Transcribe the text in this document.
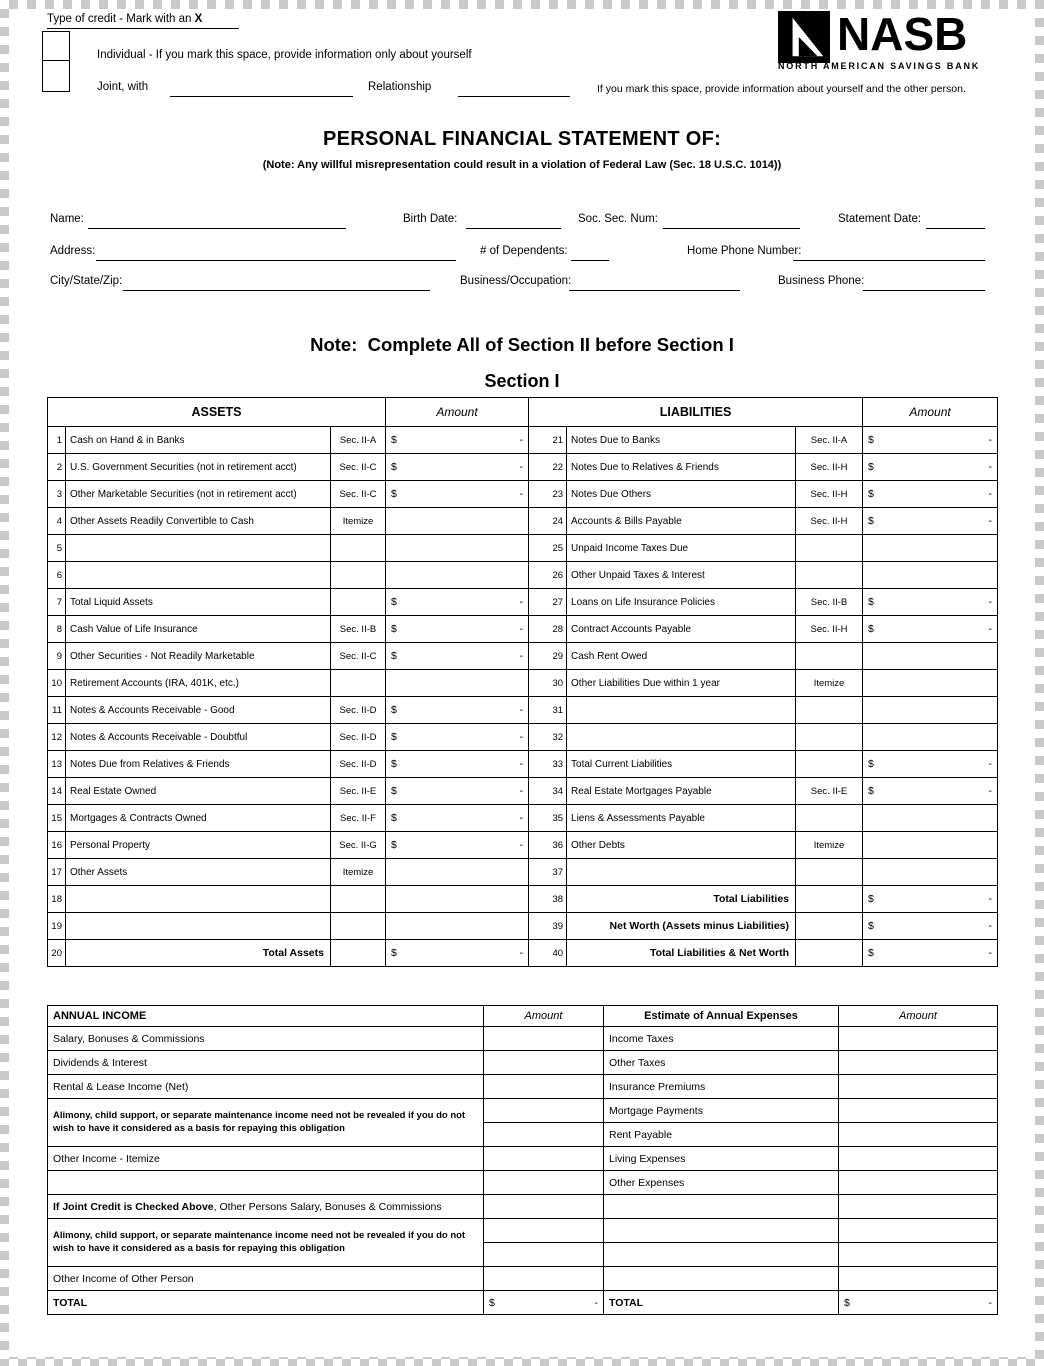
Type of credit - Mark with an X
Individual - If you mark this space, provide information only about yourself
Joint, with	Relationship	If you mark this space, provide information about yourself and the other person.
NASB
NORTH AMERICAN SAVINGS BANK
PERSONAL FINANCIAL STATEMENT OF:
(Note: Any willful misrepresentation could result in a violation of Federal Law (Sec. 18 U.S.C. 1014))
Name:	Birth Date:	Soc. Sec. Num:	Statement Date:
Address:	# of Dependents:	Home Phone Number:
City/State/Zip:	Business/Occupation:	Business Phone:
Note:  Complete All of Section II before Section I
Section I
ASSETS			Amount	LIABILITIES			Amount
1	Cash on Hand & in Banks	Sec. II-A	$ -	21	Notes Due to Banks	Sec. II-A	$ -

2	U.S. Government Securities (not in retirement acct)	Sec. II-C	$ -	22	Notes Due to Relatives & Friends	Sec. II-H	$ -

3	Other Marketable Securities (not in retirement acct)	Sec. II-C	$ -	23	Notes Due Others	Sec. II-H	$ -

4	Other Assets Readily Convertible to Cash	Itemize		24	Accounts & Bills Payable	Sec. II-H	$ -

5				25	Unpaid Income Taxes Due		
6				26	Other Unpaid Taxes & Interest		
7	Total Liquid Assets		$ -	27	Loans on Life Insurance Policies	Sec. II-B	$ -

8	Cash Value of Life Insurance	Sec. II-B	$ -	28	Contract Accounts Payable	Sec. II-H	$ -

9	Other Securities - Not Readily Marketable	Sec. II-C	$ -	29	Cash Rent Owed		
10	Retirement Accounts (IRA, 401K, etc.)			30	Other Liabilities Due within 1 year	Itemize	
11	Notes & Accounts Receivable - Good	Sec. II-D	$ -	31			
12	Notes & Accounts Receivable - Doubtful	Sec. II-D	$ -	32			
13	Notes Due from Relatives & Friends	Sec. II-D	$ -	33	Total Current Liabilities		$ -

14	Real Estate Owned	Sec. II-E	$ -	34	Real Estate Mortgages Payable	Sec. II-E	$ -

15	Mortgages & Contracts Owned	Sec. II-F	$ -	35	Liens & Assessments Payable		
16	Personal Property	Sec. II-G	$ -	36	Other Debts	Itemize	
17	Other Assets	Itemize		37			
18				38	Total Liabilities		$ -

19				39	Net Worth (Assets minus Liabilities)		$ -

20	Total Assets		$ -	40	Total Liabilities & Net Worth		$ -
ANNUAL INCOME	Amount	Estimate of Annual Expenses	Amount
Salary, Bonuses & Commissions		Income Taxes	
Dividends & Interest		Other Taxes	
Rental & Lease Income (Net)		Insurance Premiums	
Alimony, child support, or separate maintenance income need not be revealed if you do not wish to have it considered as a basis for repaying this obligation		Mortgage Payments	
		Rent Payable	
Other Income - Itemize		Living Expenses	
		Other Expenses	
If Joint Credit is Checked Above, Other Persons Salary, Bonuses & Commissions			
Alimony, child support, or separate maintenance income need not be revealed if you do not wish to have it considered as a basis for repaying this obligation			

Other Income of Other Person			
TOTAL	$ -	TOTAL	$ -
